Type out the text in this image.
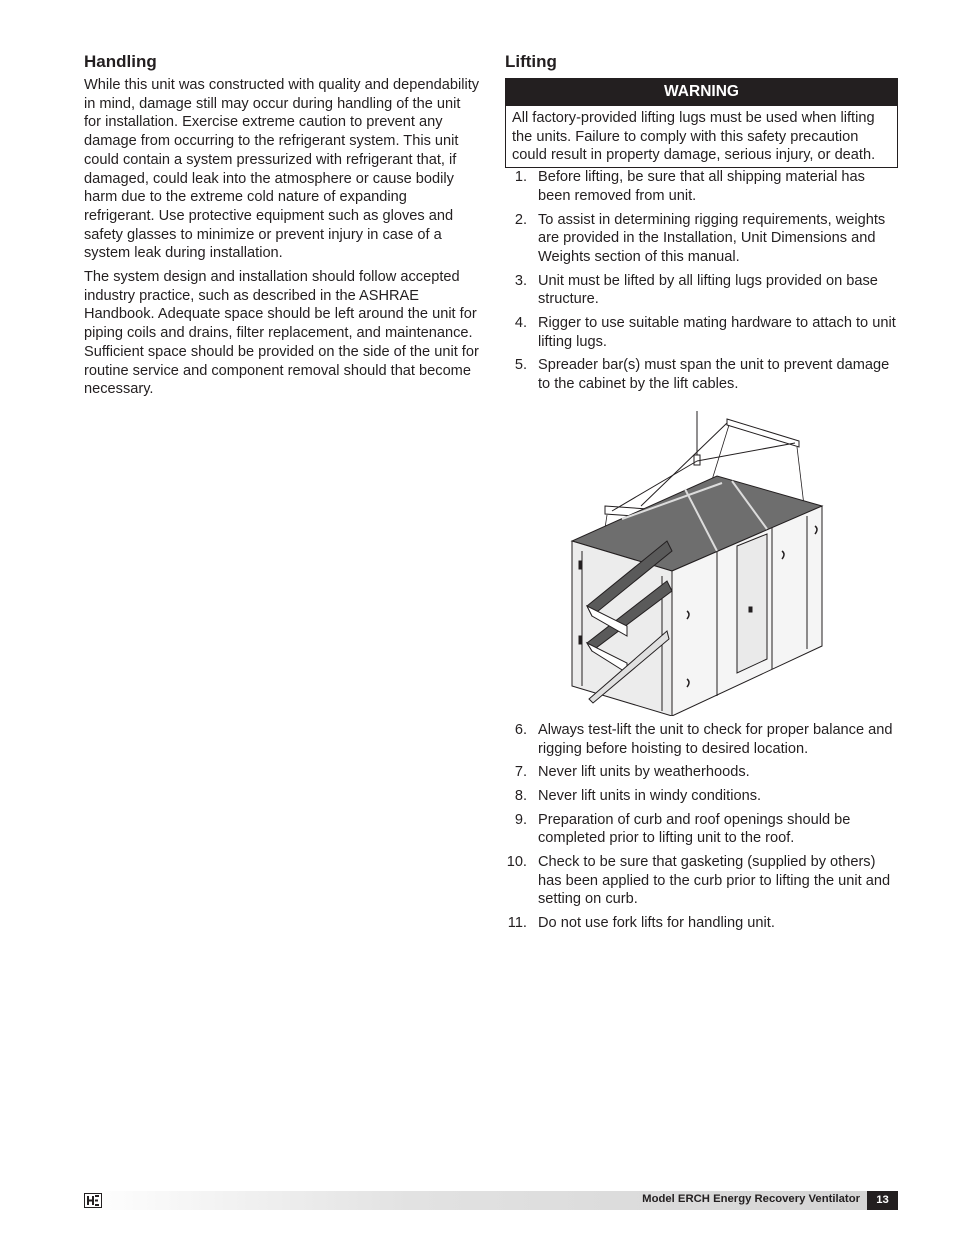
Handling

While this unit was constructed with quality and dependability in mind, damage still may occur during handling of the unit for installation. Exercise extreme caution to prevent any damage from occurring to the refrigerant system. This unit could contain a system pressurized with refrigerant that, if damaged, could leak into the atmosphere or cause bodily harm due to the extreme cold nature of expanding refrigerant. Use protective equipment such as gloves and safety glasses to minimize or prevent injury in case of a system leak during installation.

The system design and installation should follow accepted industry practice, such as described in the ASHRAE Handbook. Adequate space should be left around the unit for piping coils and drains, filter replacement, and maintenance. Sufficient space should be provided on the side of the unit for routine service and component removal should that become necessary.

Lifting
WARNING
All factory-provided lifting lugs must be used when lifting the units. Failure to comply with this safety precaution could result in property damage, serious injury, or death.
1. Before lifting, be sure that all shipping material has been removed from unit.
2. To assist in determining rigging requirements, weights are provided in the Installation, Unit Dimensions and Weights section of this manual.
3. Unit must be lifted by all lifting lugs provided on base structure.
4. Rigger to use suitable mating hardware to attach to unit lifting lugs.
5. Spreader bar(s) must span the unit to prevent damage to the cabinet by the lift cables.
6. Always test-lift the unit to check for proper balance and rigging before hoisting to desired location.
7. Never lift units by weatherhoods.
8. Never lift units in windy conditions.
9. Preparation of curb and roof openings should be completed prior to lifting unit to the roof.
10. Check to be sure that gasketing (supplied by others) has been applied to the curb prior to lifting the unit and setting on curb.
11. Do not use fork lifts for handling unit.
Model ERCH Energy Recovery Ventilator	13
